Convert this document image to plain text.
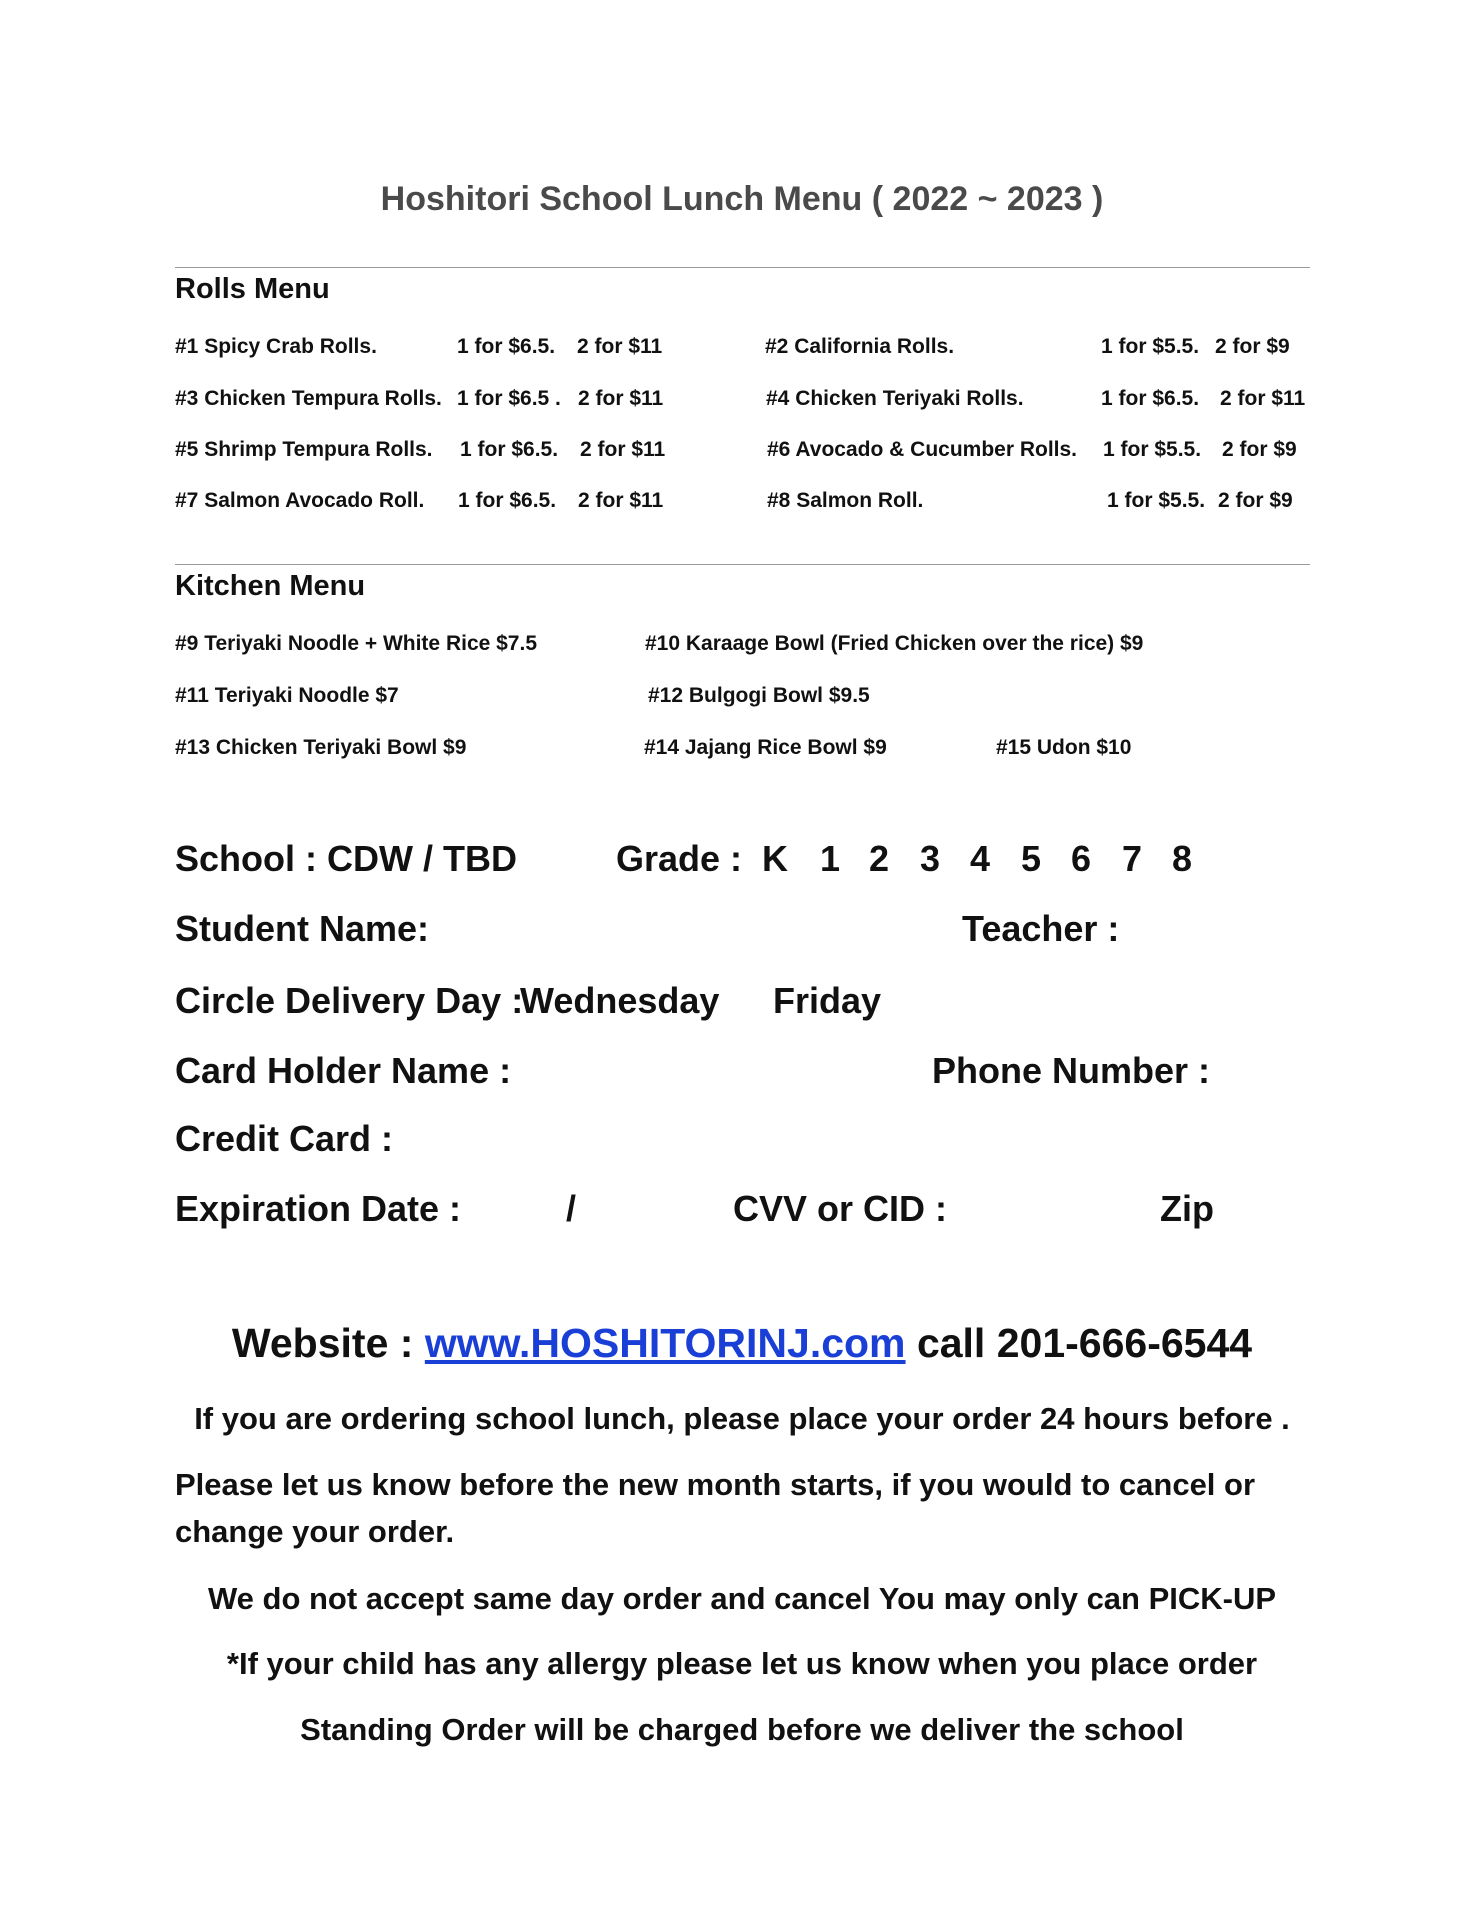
Hoshitori School Lunch Menu ( 2022 ~ 2023 )
Rolls Menu
#1 Spicy Crab Rolls.	1 for $6.5. 2 for $11	#2 California Rolls.	1 for $5.5. 2 for $9
#3 Chicken Tempura Rolls. 1 for $6.5 . 2 for $11	#4 Chicken Teriyaki Rolls.	1 for $6.5. 2 for $11
#5 Shrimp Tempura Rolls. 1 for $6.5. 2 for $11	#6 Avocado & Cucumber Rolls. 1 for $5.5. 2 for $9
#7 Salmon Avocado Roll. 1 for $6.5. 2 for $11	#8 Salmon Roll.	1 for $5.5. 2 for $9
Kitchen Menu
#9 Teriyaki Noodle + White Rice $7.5	#10 Karaage Bowl (Fried Chicken over the rice) $9
#11 Teriyaki Noodle $7	#12 Bulgogi Bowl $9.5
#13 Chicken Teriyaki Bowl $9	#14 Jajang Rice Bowl $9	#15 Udon $10
School : CDW / TBD	Grade : K 1 2 3 4 5 6 7 8
Student Name:	Teacher :
Circle Delivery Day :
Wednesday Friday
Card Holder Name :	Phone Number :
Credit Card :
Expiration Date :	/	CVV or CID :	Zip
Website : www.HOSHITORINJ.com call 201-666-6544
If you are ordering school lunch, please place your order 24 hours before .
Please let us know before the new month starts, if you would to cancel or
change your order.
We do not accept same day order and cancel You may only can PICK-UP
*If your child has any allergy please let us know when you place order
Standing Order will be charged before we deliver the school
